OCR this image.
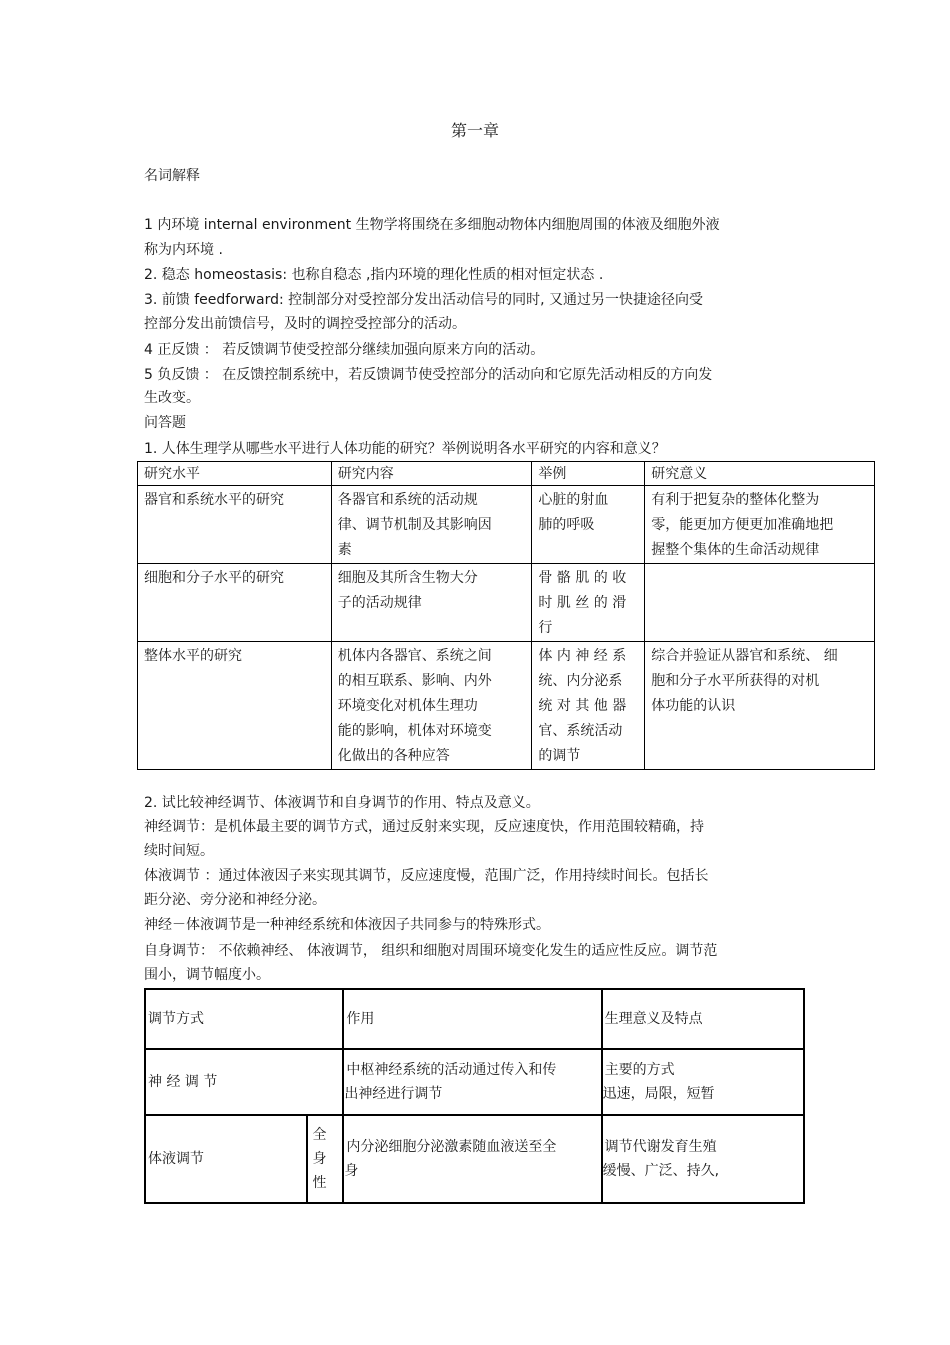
第一章
名词解释
1 内环境 internal environment 生物学将围绕在多细胞动物体内细胞周围的体液及细胞外液
称为内环境 .
2. 稳态 homeostasis: 也称自稳态 ,指内环境的理化性质的相对恒定状态 .
3. 前馈 feedforward: 控制部分对受控部分发出活动信号的同时, 又通过另一快捷途径向受
控部分发出前馈信号，及时的调控受控部分的活动。
4 正反馈 ： 若反馈调节使受控部分继续加强向原来方向的活动。
5 负反馈 ： 在反馈控制系统中，若反馈调节使受控部分的活动向和它原先活动相反的方向发
生改变。
问答题
1. 人体生理学从哪些水平进行人体功能的研究？举例说明各水平研究的内容和意义？
研究水平	研究内容	举例	研究意义
器官和系统水平的研究	各器官和系统的活动规
律、调节机制及其影响因
素	心脏的射血
肺的呼吸	有利于把复杂的整体化整为
零，能更加方便更加准确地把
握整个集体的生命活动规律
细胞和分子水平的研究	细胞及其所含生物大分
子的活动规律	骨 骼 肌 的 收
时 肌 丝 的 滑
行	
整体水平的研究	机体内各器官、系统之间
的相互联系、影响、内外
环境变化对机体生理功
能的影响，机体对环境变
化做出的各种应答	体 内 神 经 系
统、内分泌系
统 对 其 他 器
官、系统活动
的调节	综合并验证从器官和系统、 细
胞和分子水平所获得的对机
体功能的认识
2. 试比较神经调节、体液调节和自身调节的作用、特点及意义。
神经调节：是机体最主要的调节方式，通过反射来实现，反应速度快，作用范围较精确，持
续时间短。
体液调节 ：通过体液因子来实现其调节，反应速度慢，范围广泛，作用持续时间长。包括长
距分泌、旁分泌和神经分泌。
神经－体液调节是一种神经系统和体液因子共同参与的特殊形式。
自身调节： 不依赖神经、 体液调节， 组织和细胞对周围环境变化发生的适应性反应。调节范
围小，调节幅度小。
调节方式		作用	生理意义及特点
神 经 调 节		中枢神经系统的活动通过传入和传
出神经进行调节	主要的方式
迅速，局限，短暂
体液调节	全身性	内分泌细胞分泌激素随血液送至全
身	调节代谢发育生殖
缓慢、广泛、持久,
